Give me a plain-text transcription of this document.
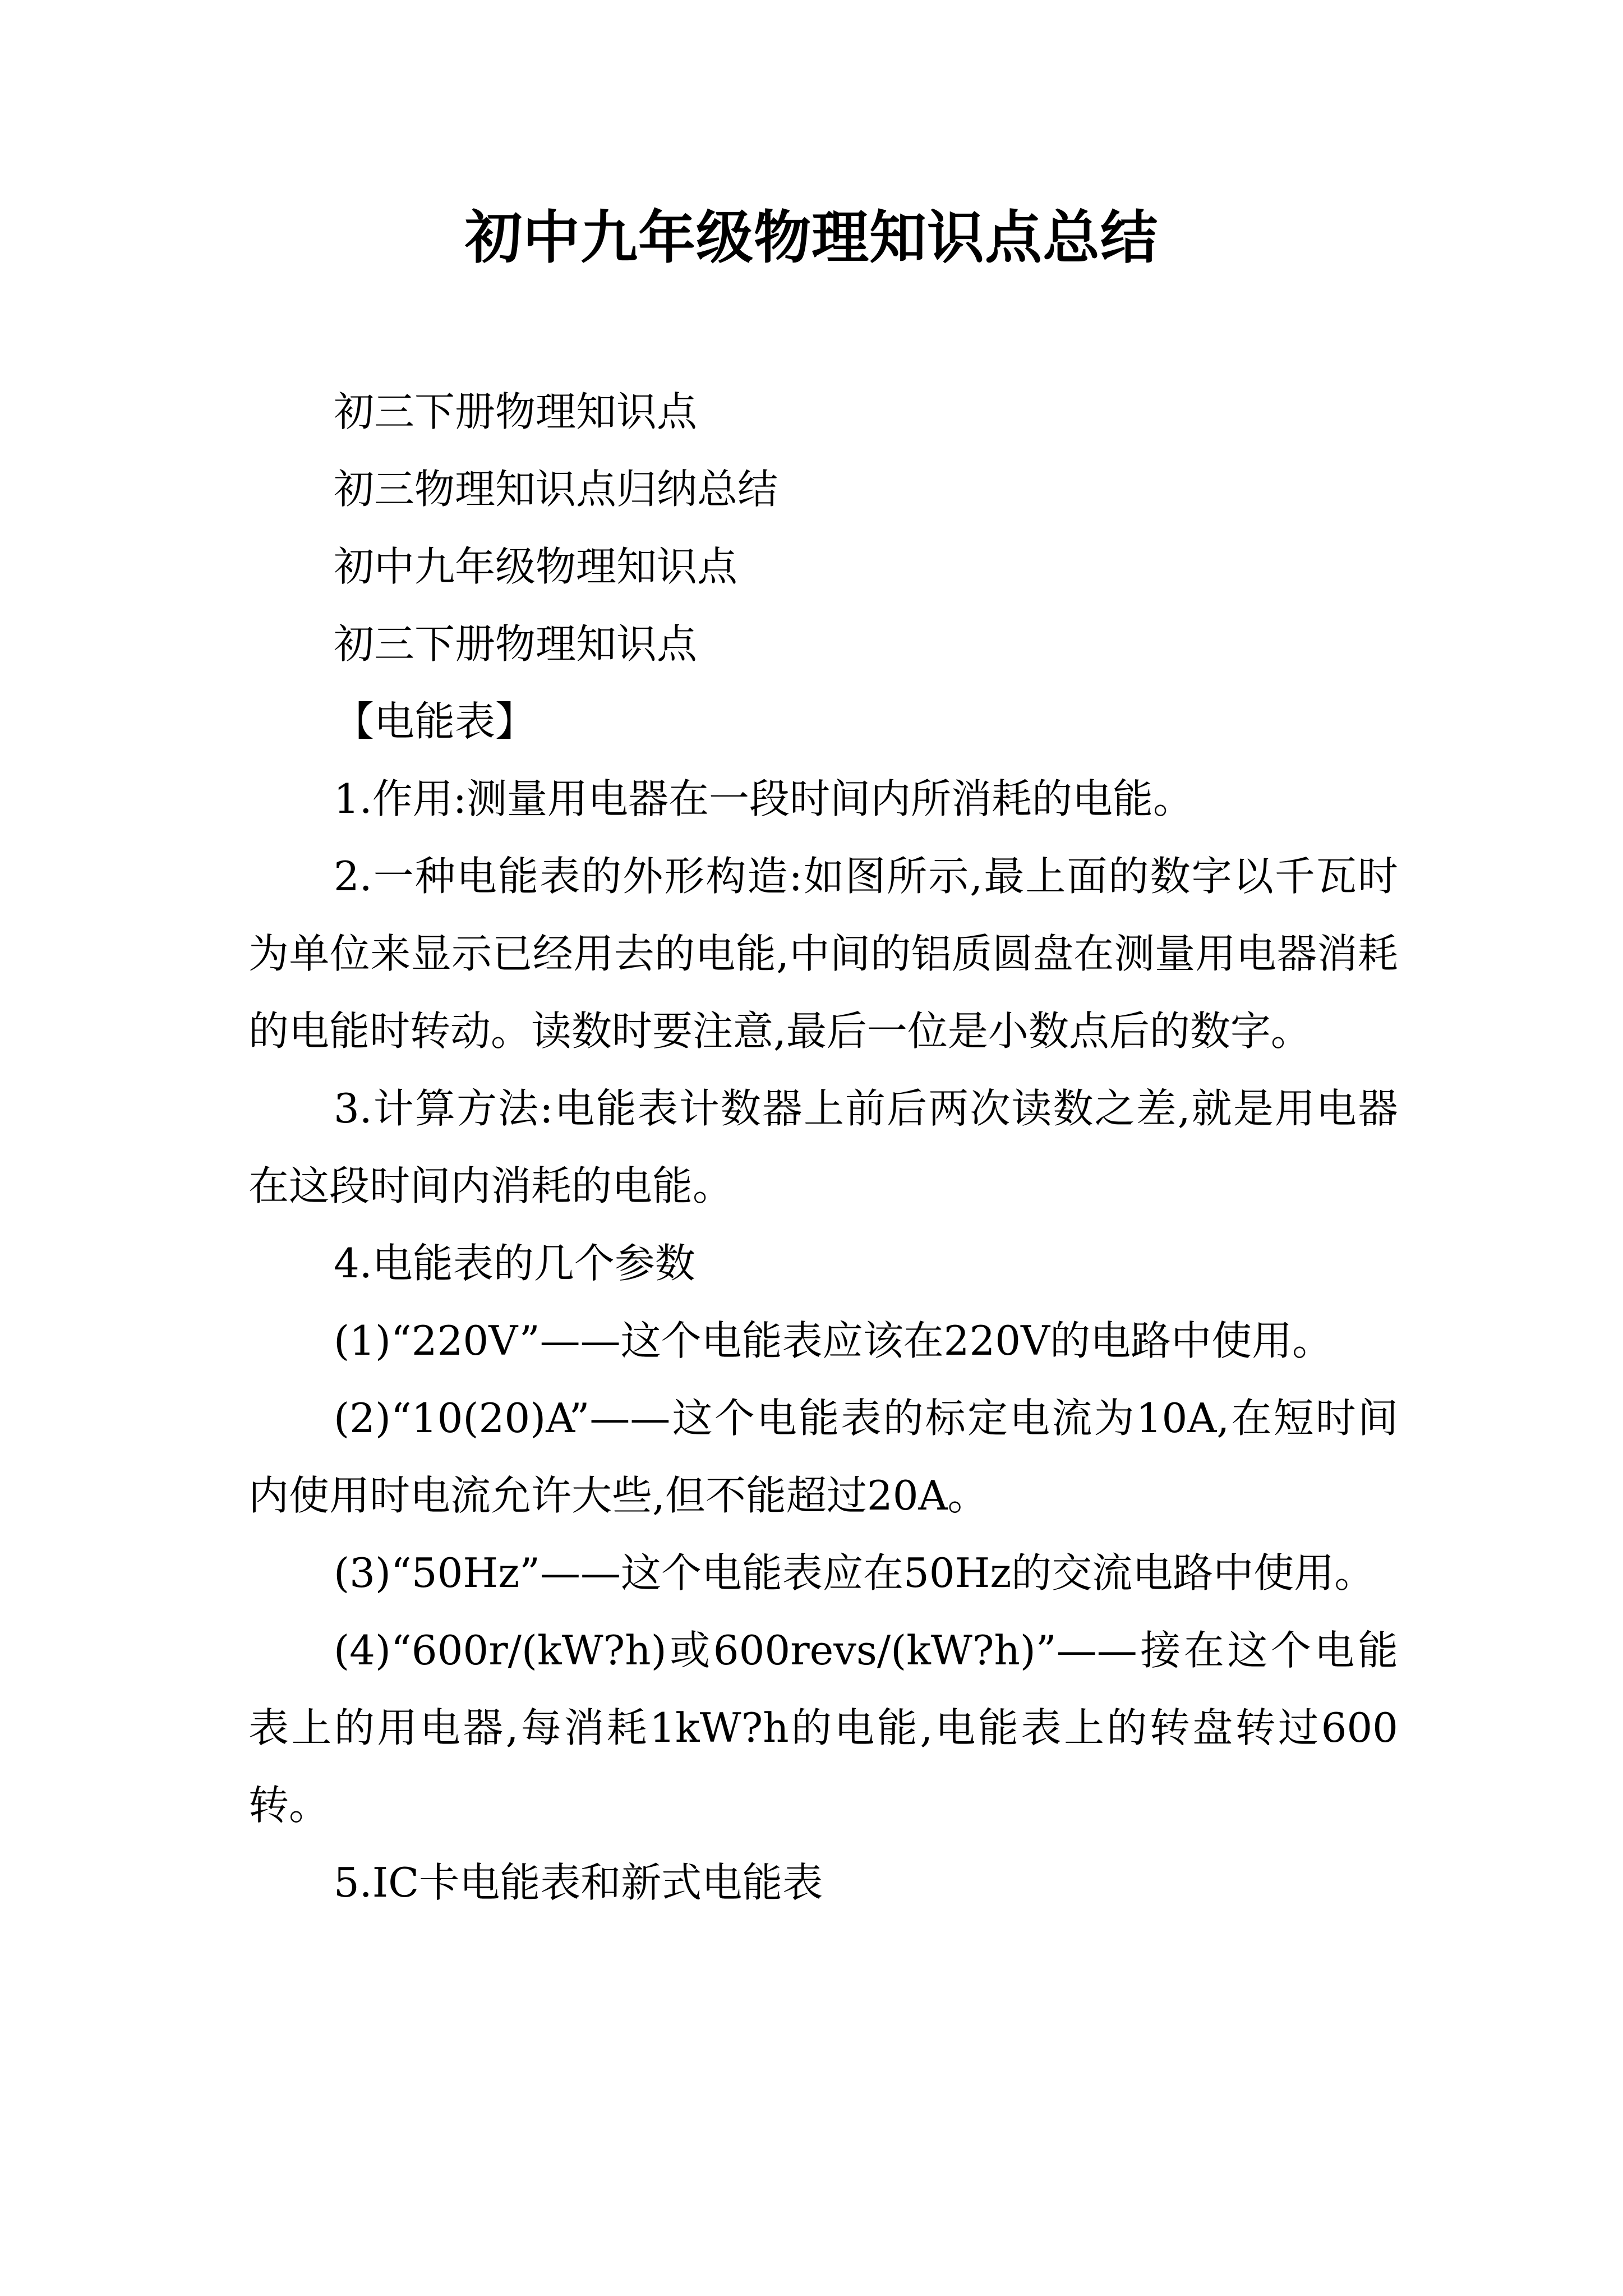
初中九年级物理知识点总结

初三下册物理知识点

初三物理知识点归纳总结

初中九年级物理知识点

初三下册物理知识点

【电能表】

1.作用:测量用电器在一段时间内所消耗的电能。

2.一种电能表的外形构造:如图所示,最上面的数字以千瓦时为单位来显示已经用去的电能,中间的铝质圆盘在测量用电器消耗的电能时转动。读数时要注意,最后一位是小数点后的数字。

3.计算方法:电能表计数器上前后两次读数之差,就是用电器在这段时间内消耗的电能。

4.电能表的几个参数

(1)“220V”——这个电能表应该在220V的电路中使用。

(2)“10(20)A”——这个电能表的标定电流为10A,在短时间内使用时电流允许大些,但不能超过20A。

(3)“50Hz”——这个电能表应在50Hz的交流电路中使用。

(4)“600r/(kW?h)或600revs/(kW?h)”——接在这个电能表上的用电器,每消耗1kW?h的电能,电能表上的转盘转过600转。

5.IC卡电能表和新式电能表
